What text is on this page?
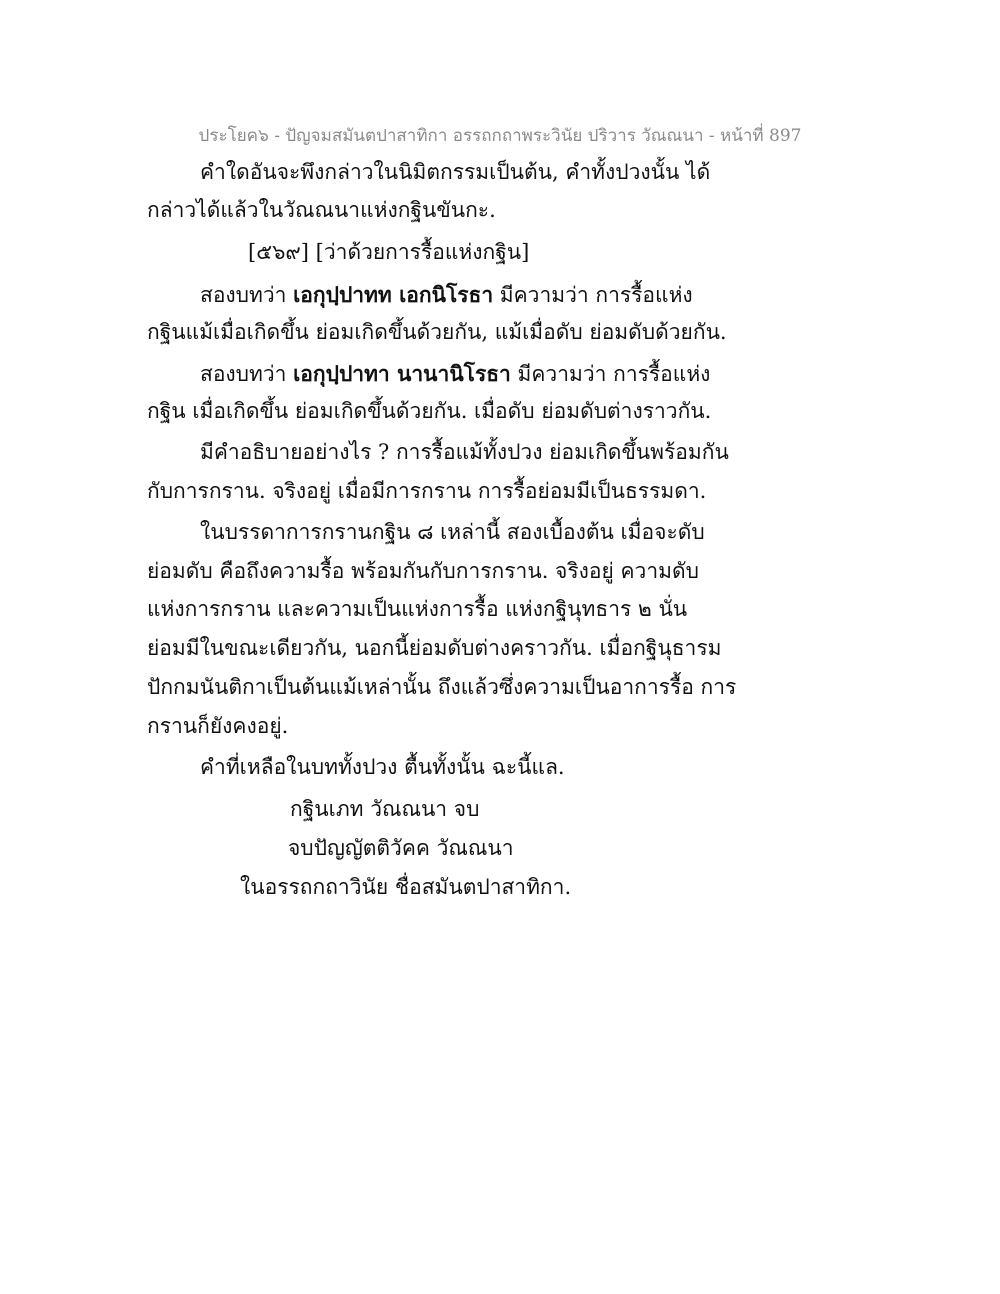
ประโยค๖ - ปัญจมสมันตปาสาทิกา อรรถกถาพระวินัย ปริวาร วัณณนา - หน้าที่ 897
คำใดอันจะพึงกล่าวในนิมิตกรรมเป็นต้น, คำทั้งปวงนั้น ได้
กล่าวได้แล้วในวัณณนาแห่งกฐินขันกะ.
[๕๖๙] [ว่าด้วยการรื้อแห่งกฐิน]
สองบทว่า เอกุปฺปาทท เอกนิโรธา มีความว่า การรื้อแห่ง
กฐินแม้เมื่อเกิดขึ้น ย่อมเกิดขึ้นด้วยกัน, แม้เมื่อดับ ย่อมดับด้วยกัน.
สองบทว่า เอกุปฺปาทา นานานิโรธา มีความว่า การรื้อแห่ง
กฐิน เมื่อเกิดขึ้น ย่อมเกิดขึ้นด้วยกัน. เมื่อดับ ย่อมดับต่างราวกัน.
มีคำอธิบายอย่างไร ? การรื้อแม้ทั้งปวง ย่อมเกิดขึ้นพร้อมกัน
กับการกราน. จริงอยู่ เมื่อมีการกราน การรื้อย่อมมีเป็นธรรมดา.
ในบรรดาการกรานกฐิน ๘ เหล่านี้ สองเบื้องต้น เมื่อจะดับ
ย่อมดับ คือถึงความรื้อ พร้อมกันกับการกราน. จริงอยู่ ความดับ
แห่งการกราน และความเป็นแห่งการรื้อ แห่งกฐินุทธาร ๒ นั่น
ย่อมมีในขณะเดียวกัน, นอกนี้ย่อมดับต่างคราวกัน. เมื่อกฐินุธารม
ปักกมนันติกาเป็นต้นแม้เหล่านั้น ถึงแล้วซึ่งความเป็นอาการรื้อ การ
กรานก็ยังคงอยู่.
คำที่เหลือในบททั้งปวง ตื้นทั้งนั้น ฉะนี้แล.
กฐินเภท วัณณนา จบ
จบปัญญัตติวัคค วัณณนา
ในอรรถกถาวินัย ชื่อสมันตปาสาทิกา.
